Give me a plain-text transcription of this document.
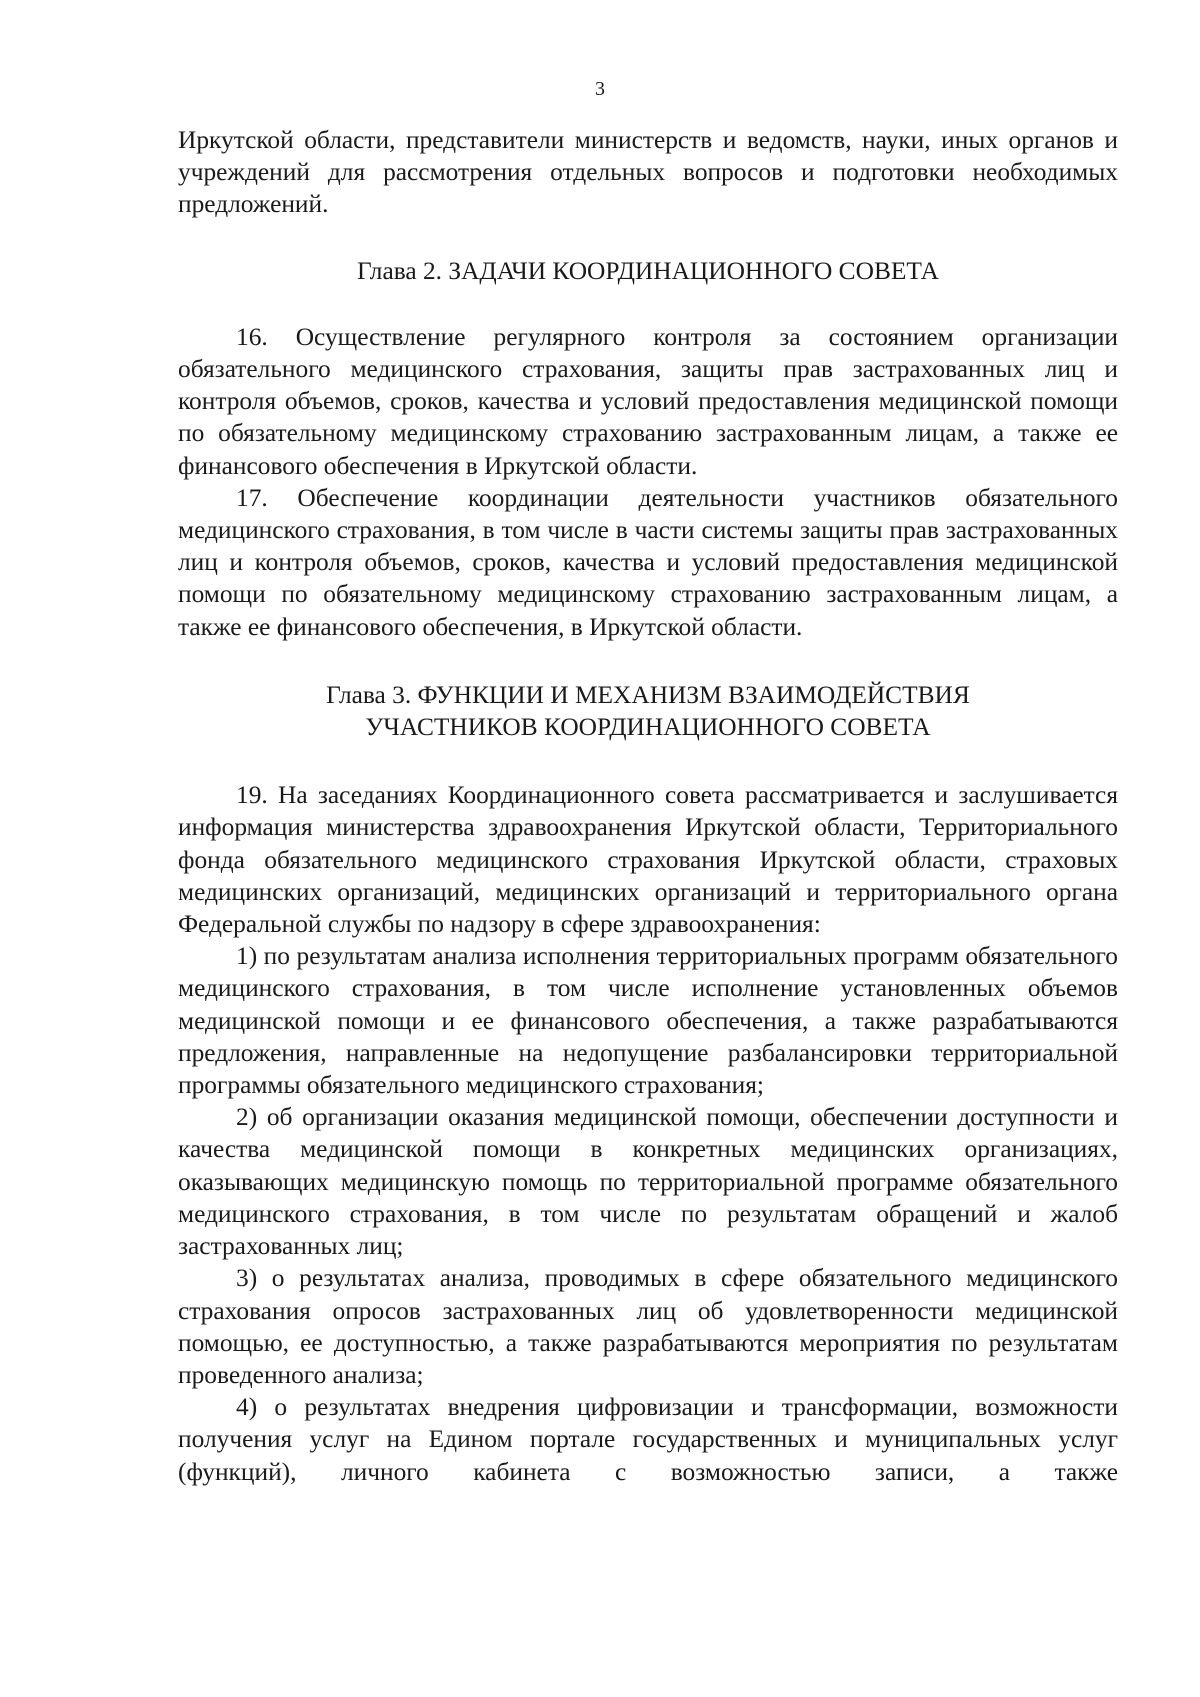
3

Иркутской области, представители министерств и ведомств, науки, иных органов и учреждений для рассмотрения отдельных вопросов и подготовки необходимых предложений.

Глава 2. ЗАДАЧИ КООРДИНАЦИОННОГО СОВЕТА

16. Осуществление регулярного контроля за состоянием организации обязательного медицинского страхования, защиты прав застрахованных лиц и контроля объемов, сроков, качества и условий предоставления медицинской помощи по обязательному медицинскому страхованию застрахованным лицам, а также ее финансового обеспечения в Иркутской области.

17. Обеспечение координации деятельности участников обязательного медицинского страхования, в том числе в части системы защиты прав застрахованных лиц и контроля объемов, сроков, качества и условий предоставления медицинской помощи по обязательному медицинскому страхованию застрахованным лицам, а также ее финансового обеспечения, в Иркутской области.

Глава 3. ФУНКЦИИ И МЕХАНИЗМ ВЗАИМОДЕЙСТВИЯ
УЧАСТНИКОВ КООРДИНАЦИОННОГО СОВЕТА

19. На заседаниях Координационного совета рассматривается и заслушивается информация министерства здравоохранения Иркутской области, Территориального фонда обязательного медицинского страхования Иркутской области, страховых медицинских организаций, медицинских организаций и территориального органа Федеральной службы по надзору в сфере здравоохранения:

1) по результатам анализа исполнения территориальных программ обязательного медицинского страхования, в том числе исполнение установленных объемов медицинской помощи и ее финансового обеспечения, а также разрабатываются предложения, направленные на недопущение разбалансировки территориальной программы обязательного медицинского страхования;

2) об организации оказания медицинской помощи, обеспечении доступности и качества медицинской помощи в конкретных медицинских организациях, оказывающих медицинскую помощь по территориальной программе обязательного медицинского страхования, в том числе по результатам обращений и жалоб застрахованных лиц;

3) о результатах анализа, проводимых в сфере обязательного медицинского страхования опросов застрахованных лиц об удовлетворенности медицинской помощью, ее доступностью, а также разрабатываются мероприятия по результатам проведенного анализа;

4) о результатах внедрения цифровизации и трансформации, возможности получения услуг на Едином портале государственных и муниципальных услуг (функций), личного кабинета с возможностью записи, а также
